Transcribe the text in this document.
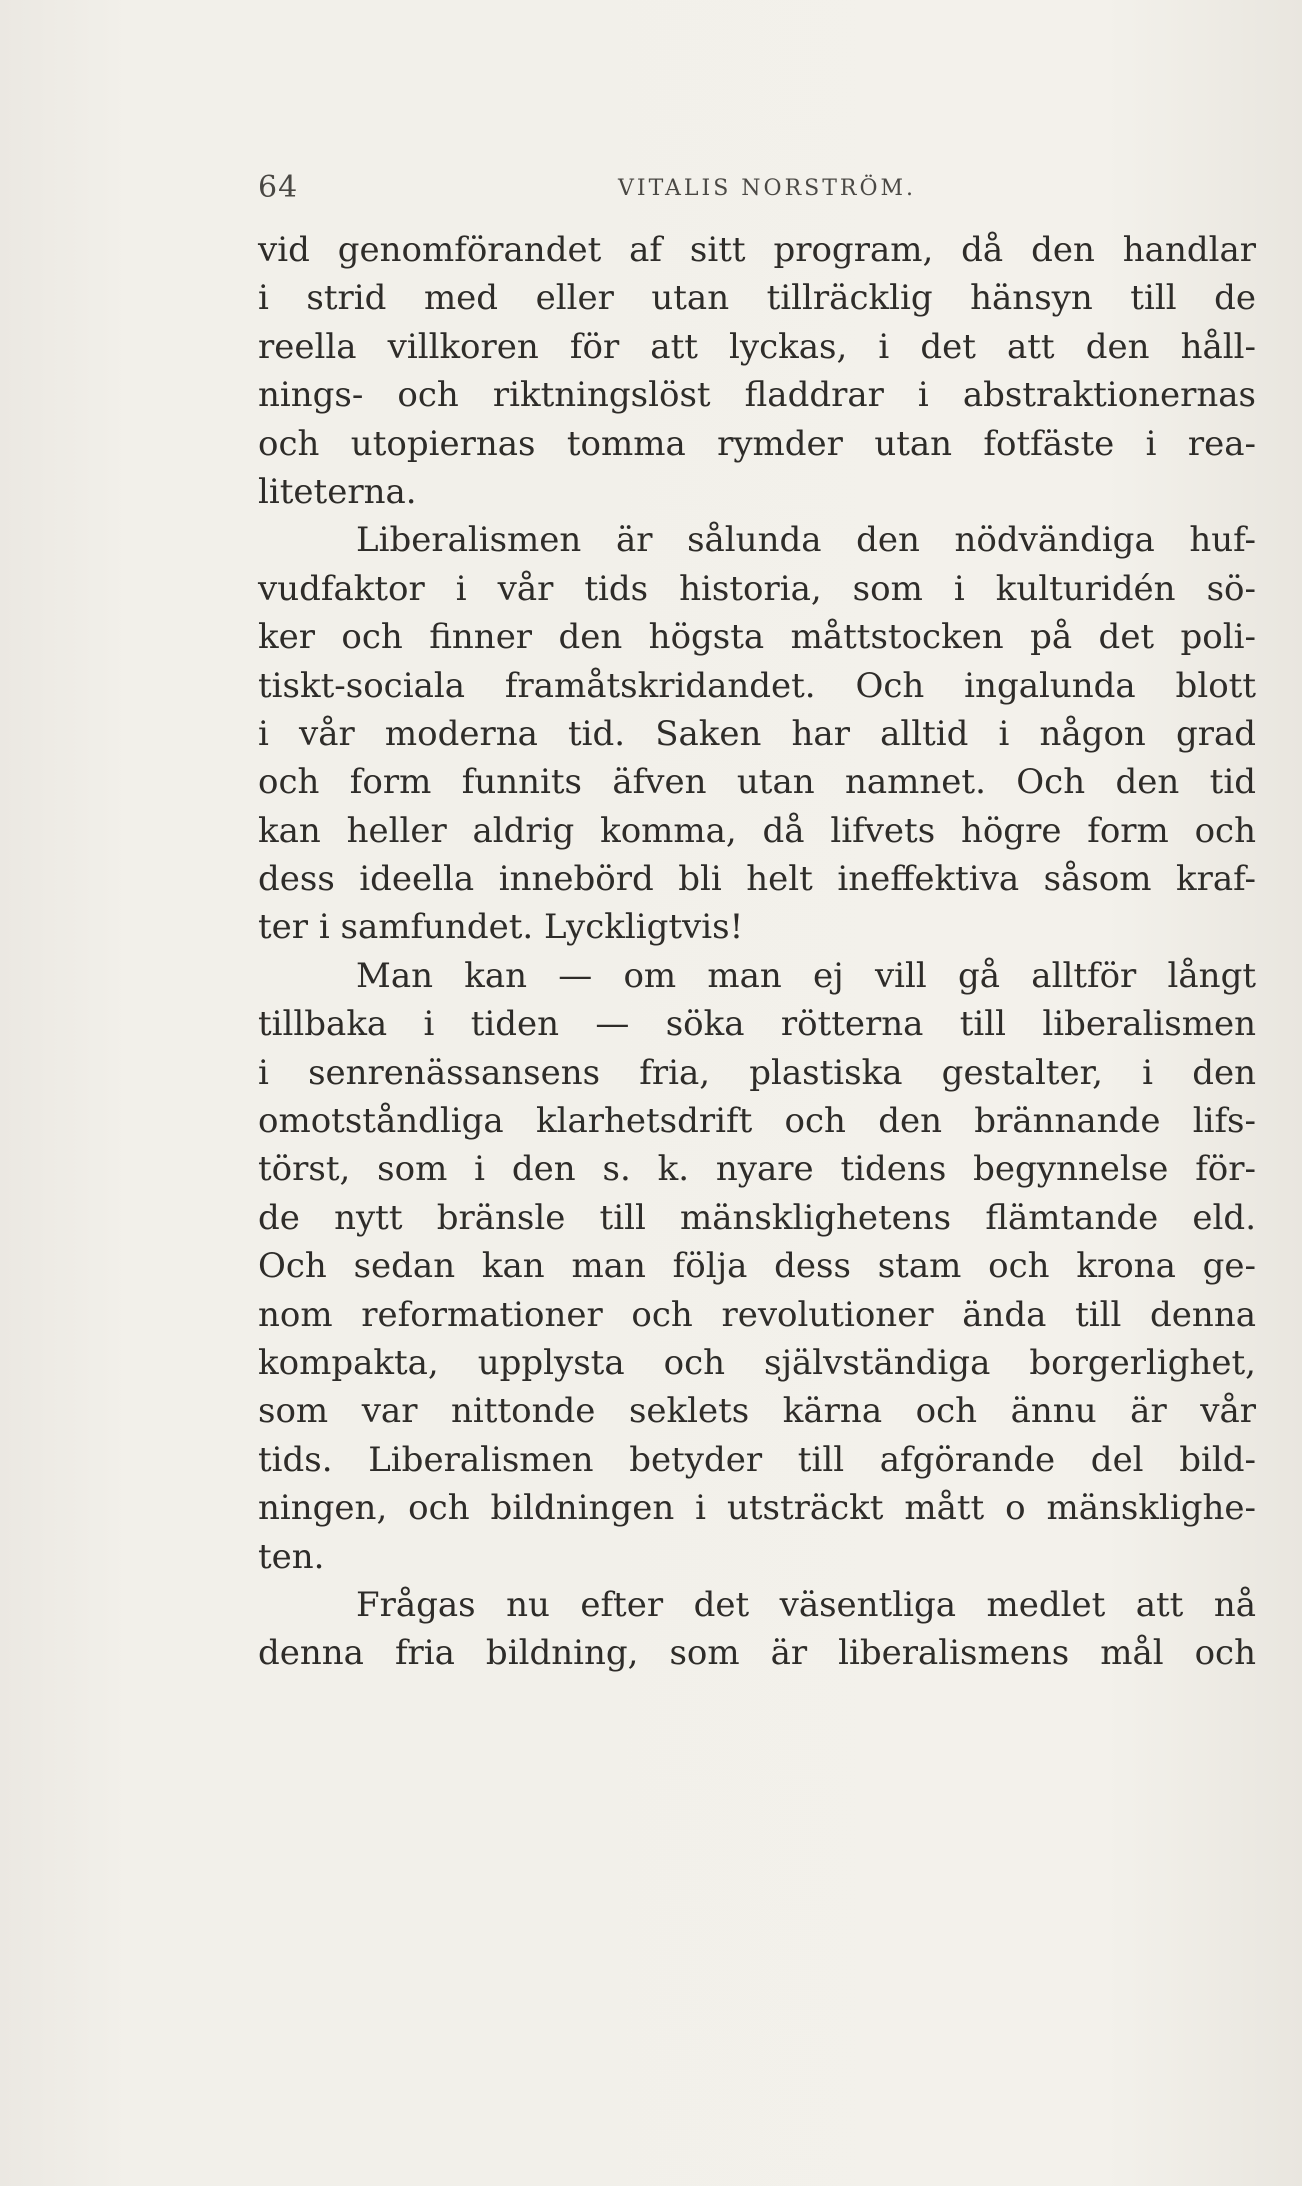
64	VITALIS NORSTRÖM.
vid genomförandet af sitt program, då den handlar
i strid med eller utan tillräcklig hänsyn till de
reella villkoren för att lyckas, i det att den håll-
nings- och riktningslöst fladdrar i abstraktionernas
och utopiernas tomma rymder utan fotfäste i rea-
liteterna.
Liberalismen är sålunda den nödvändiga huf-
vudfaktor i vår tids historia, som i kulturidén sö-
ker och finner den högsta måttstocken på det poli-
tiskt-sociala framåtskridandet. Och ingalunda blott
i vår moderna tid. Saken har alltid i någon grad
och form funnits äfven utan namnet. Och den tid
kan heller aldrig komma, då lifvets högre form och
dess ideella innebörd bli helt ineffektiva såsom kraf-
ter i samfundet. Lyckligtvis!
Man kan — om man ej vill gå alltför långt
tillbaka i tiden — söka rötterna till liberalismen
i senrenässansens fria, plastiska gestalter, i den
omotståndliga klarhetsdrift och den brännande lifs-
törst, som i den s. k. nyare tidens begynnelse för-
de nytt bränsle till mänsklighetens flämtande eld.
Och sedan kan man följa dess stam och krona ge-
nom reformationer och revolutioner ända till denna
kompakta, upplysta och självständiga borgerlighet,
som var nittonde seklets kärna och ännu är vår
tids. Liberalismen betyder till afgörande del bild-
ningen, och bildningen i utsträckt mått o mänsklighe-
ten.
Frågas nu efter det väsentliga medlet att nå
denna fria bildning, som är liberalismens mål och
